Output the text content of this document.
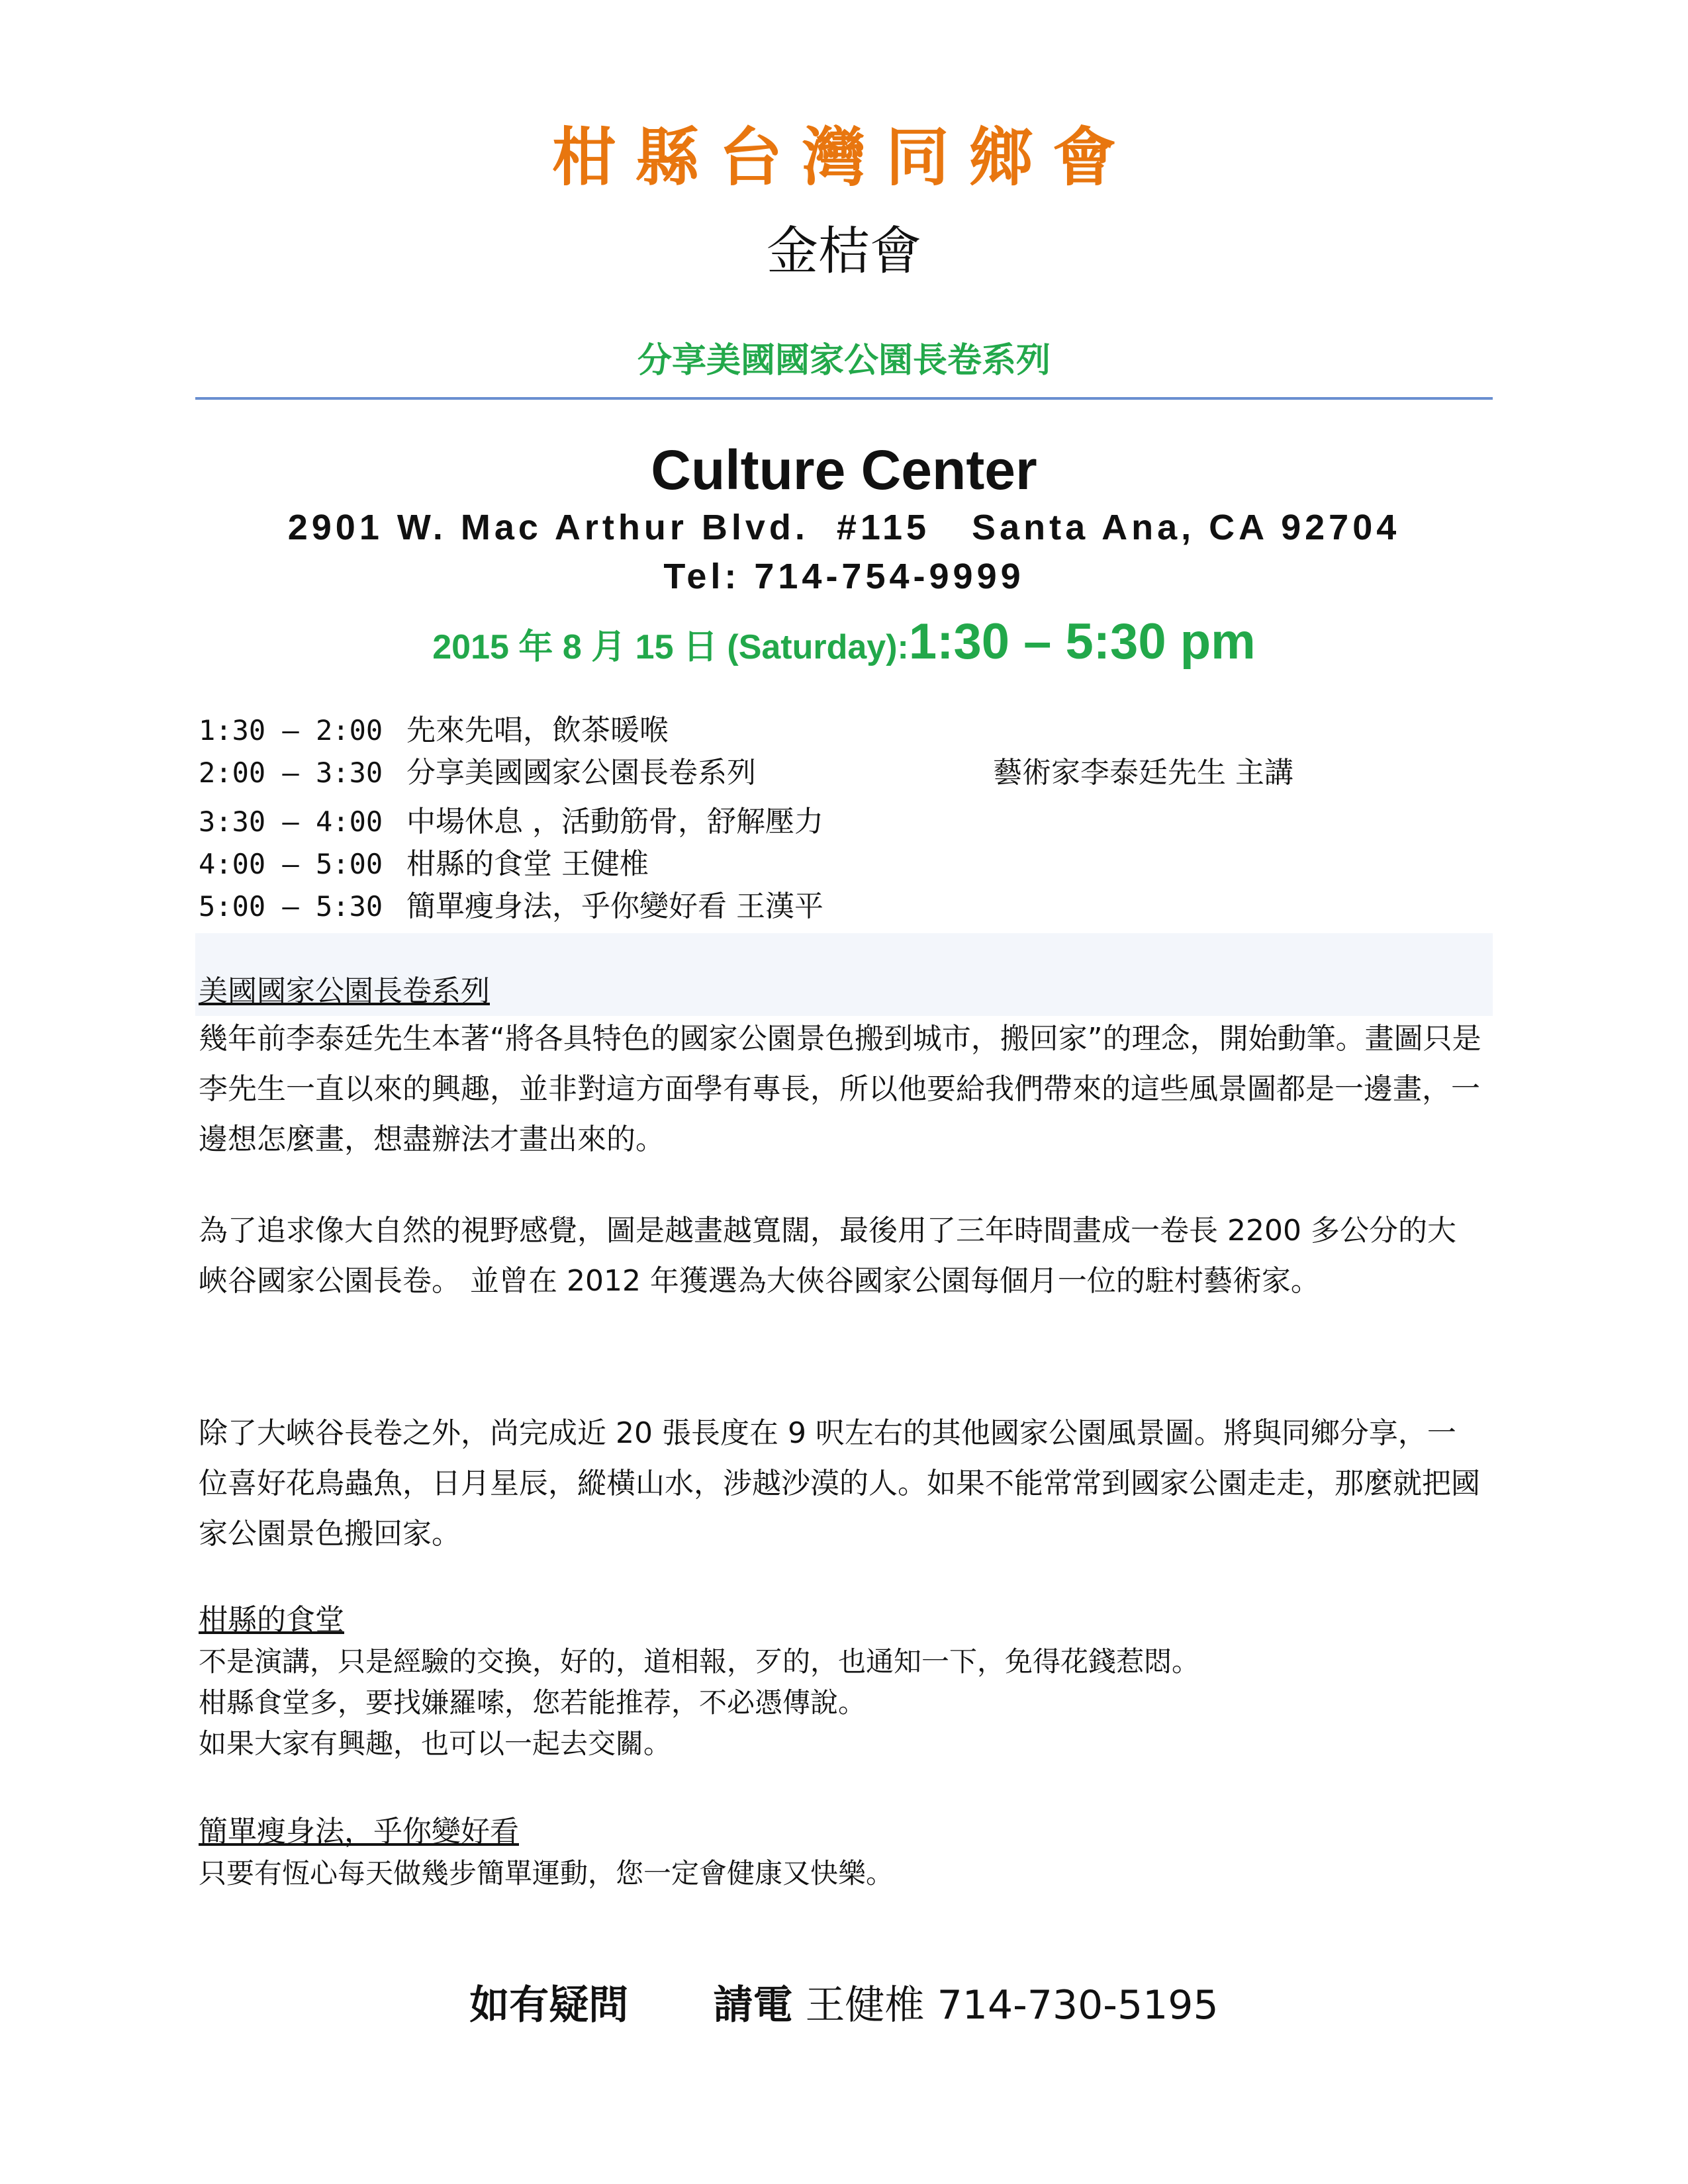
柑縣台灣同鄉會
金桔會
分享美國國家公園長卷系列
Culture Center
2901 W. Mac Arthur Blvd.  #115   Santa Ana, CA 92704
Tel: 714-754-9999
2015 年 8 月 15 日 (Saturday):1:30 – 5:30 pm
1:30 – 2:00 先來先唱，飲茶暖喉
2:00 – 3:30 分享美國國家公園長卷系列	藝術家李泰廷先生 主講
3:30 – 4:00 中場休息 ，活動筋骨，舒解壓力
4:00 – 5:00 柑縣的食堂 王健椎
5:00 – 5:30 簡單瘦身法，乎你變好看 王漢平
美國國家公園長卷系列
幾年前李泰廷先生本著“將各具特色的國家公園景色搬到城市，搬回家”的理念，開始動筆。畫圖只是李先生一直以來的興趣，並非對這方面學有專長，所以他要給我們帶來的這些風景圖都是一邊畫，一邊想怎麼畫，想盡辦法才畫出來的。
為了追求像大自然的視野感覺，圖是越畫越寬闊，最後用了三年時間畫成一卷長 2200 多公分的大峽谷國家公園長卷。 並曾在 2012 年獲選為大俠谷國家公園每個月一位的駐村藝術家。
除了大峽谷長卷之外，尚完成近 20 張長度在 9 呎左右的其他國家公園風景圖。將與同鄉分享，一位喜好花鳥蟲魚，日月星辰，縱橫山水，涉越沙漠的人。如果不能常常到國家公園走走，那麼就把國家公園景色搬回家。
柑縣的食堂
不是演講，只是經驗的交換，好的，道相報，歹的，也通知一下，免得花錢惹悶。
柑縣食堂多，要找嫌羅嗦，您若能推荐，不必憑傳說。
如果大家有興趣，也可以一起去交關。
簡單瘦身法，乎你變好看
只要有恆心每天做幾步簡單運動，您一定會健康又快樂。
如有疑問 請電 王健椎 714-730-5195
